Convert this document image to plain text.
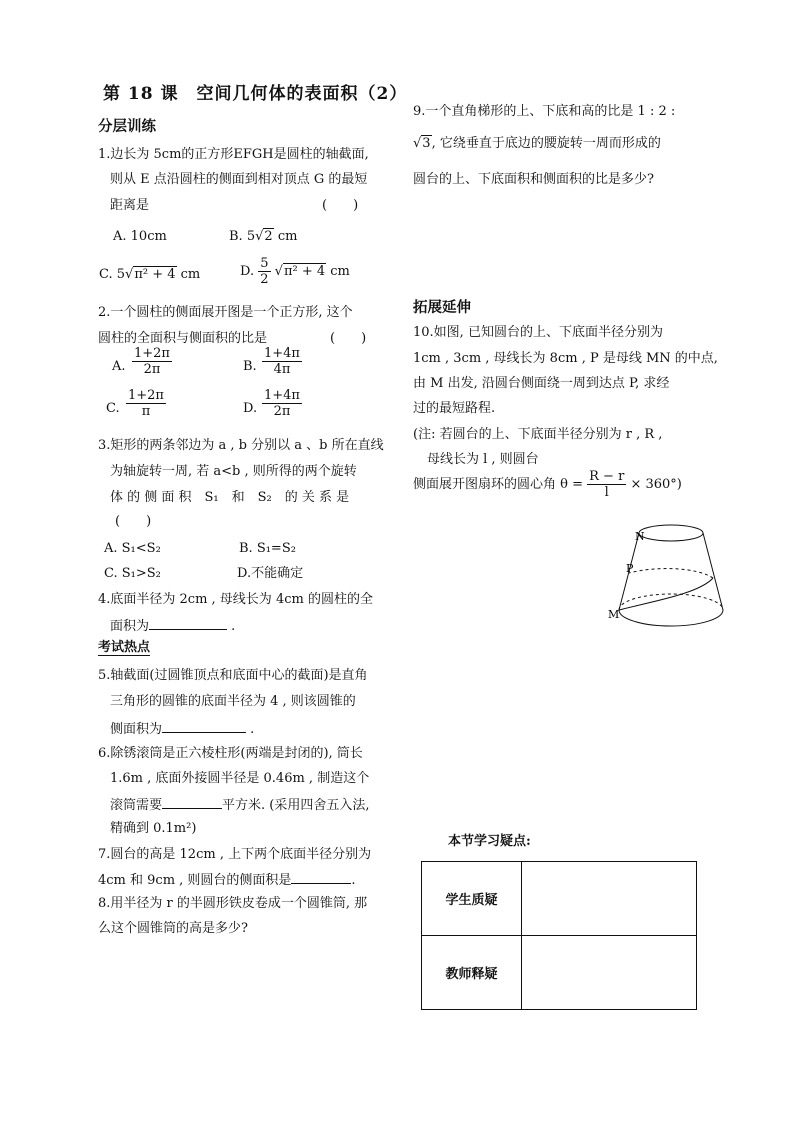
第 18 课　空间几何体的表面积（2）
分层训练
1.边长为 5cm的正方形EFGH是圆柱的轴截面,
则从 E 点沿圆柱的侧面到相对顶点 G 的最短
距离是	(　　)
A. 10cm	B. 5√2 cm
C. 5√π² + 4 cm	D. $\frac{5}{2} √\pi^2 + 4$ cm
2.一个圆柱的侧面展开图是一个正方形, 这个
圆柱的全面积与侧面积的比是	(　　)
A. $\frac{1+2\pi}{2\pi}$	B. $\frac{1+4\pi}{4\pi}$
C. $\frac{1+2\pi}{\pi}$	D. $\frac{1+4\pi}{2\pi}$
3.矩形的两条邻边为 a , b 分别以 a 、b 所在直线
为轴旋转一周, 若 a<b , 则所得的两个旋转
体 的 侧 面 积　S₁　和　S₂　的 关 系 是
(　　)
A. S₁<S₂	B. S₁=S₂
C. S₁>S₂	D.不能确定
4.底面半径为 2cm , 母线长为 4cm 的圆柱的全
面积为	.
考试热点
5.轴截面(过圆锥顶点和底面中心的截面)是直角
三角形的圆锥的底面半径为 4 , 则该圆锥的
侧面积为	.
6.除锈滚筒是正六棱柱形(两端是封闭的), 筒长
1.6m , 底面外接圆半径是 0.46m , 制造这个
滚筒需要	平方米. (采用四舍五入法,
精确到 0.1m²)
7.圆台的高是 12cm , 上下两个底面半径分别为
4cm 和 9cm , 则圆台的侧面积是	.
8.用半径为 r 的半圆形铁皮卷成一个圆锥筒, 那
么这个圆锥筒的高是多少?
9.一个直角梯形的上、下底和高的比是 1 : 2 :
√3, 它绕垂直于底边的腰旋转一周而形成的
圆台的上、下底面积和侧面积的比是多少?
拓展延伸
10.如图, 已知圆台的上、下底面半径分别为
1cm , 3cm , 母线长为 8cm , P 是母线 MN 的中点,
由 M 出发, 沿圆台侧面绕一周到达点 P, 求经
过的最短路程.
(注: 若圆台的上、下底面半径分别为 r , R ,
母线长为 l , 则圆台
侧面展开图扇环的圆心角 $\theta = \frac{R - r}{l} \times 360^\circ$)
N
P
M
本节学习疑点:
学生质疑	
教师释疑	
